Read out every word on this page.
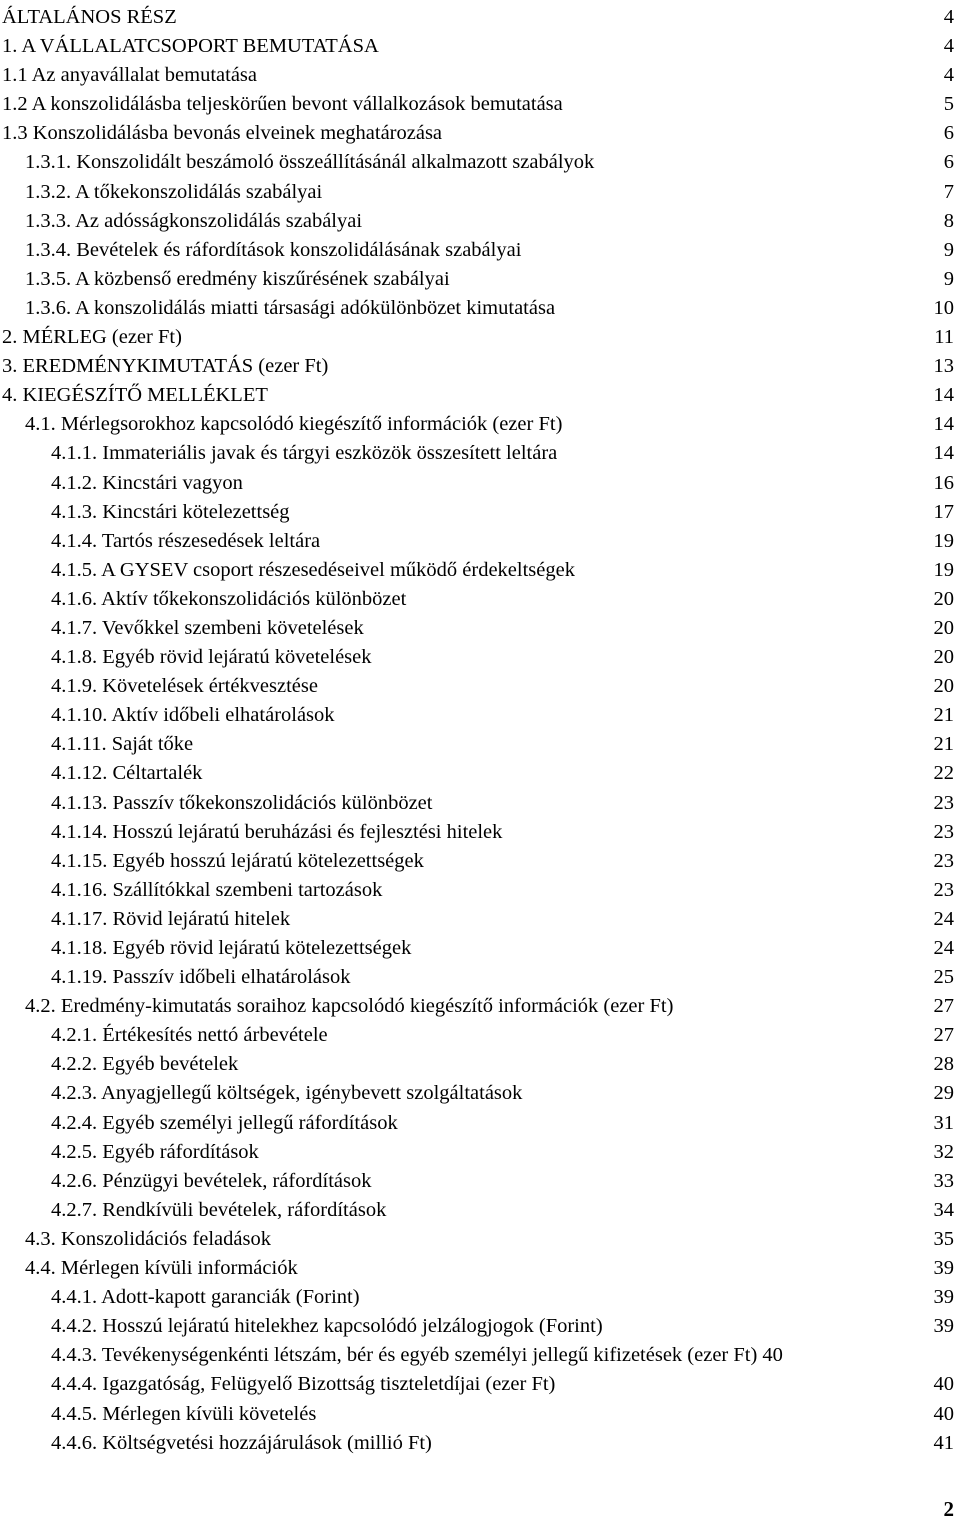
ÁLTALÁNOS RÉSZ . . .	4
1. A VÁLLALATCSOPORT BEMUTATÁSA . . .	4
1.1 Az anyavállalat bemutatása . . .	4
1.2 A konszolidálásba teljeskörűen bevont vállalkozások bemutatása . . .	5
1.3 Konszolidálásba bevonás elveinek meghatározása . . .	6
1.3.1. Konszolidált beszámoló összeállításánál alkalmazott szabályok . . .	6
1.3.2. A tőkekonszolidálás szabályai . . .	7
1.3.3. Az adósságkonszolidálás szabályai . . .	8
1.3.4. Bevételek és ráfordítások konszolidálásának szabályai . . .	9
1.3.5. A közbenső eredmény kiszűrésének szabályai . . .	9
1.3.6. A konszolidálás miatti társasági adókülönbözet kimutatása . . .	10
2. MÉRLEG (ezer Ft) . . .	11
3. EREDMÉNYKIMUTATÁS (ezer Ft) . . .	13
4. KIEGÉSZÍTŐ MELLÉKLET . . .	14
4.1. Mérlegsorokhoz kapcsolódó kiegészítő információk (ezer Ft) . . .	14
4.1.1. Immateriális javak és tárgyi eszközök összesített leltára . . .	14
4.1.2. Kincstári vagyon . . .	16
4.1.3. Kincstári kötelezettség . . .	17
4.1.4. Tartós részesedések leltára . . .	19
4.1.5. A GYSEV csoport részesedéseivel működő érdekeltségek . . .	19
4.1.6. Aktív tőkekonszolidációs különbözet . . .	20
4.1.7. Vevőkkel szembeni követelések . . .	20
4.1.8. Egyéb rövid lejáratú követelések . . .	20
4.1.9. Követelések értékvesztése . . .	20
4.1.10. Aktív időbeli elhatárolások . . .	21
4.1.11. Saját tőke . . .	21
4.1.12. Céltartalék . . .	22
4.1.13. Passzív tőkekonszolidációs különbözet . . .	23
4.1.14. Hosszú lejáratú beruházási és fejlesztési hitelek . . .	23
4.1.15. Egyéb hosszú lejáratú kötelezettségek . . .	23
4.1.16. Szállítókkal szembeni tartozások . . .	23
4.1.17. Rövid lejáratú hitelek . . .	24
4.1.18. Egyéb rövid lejáratú kötelezettségek . . .	24
4.1.19. Passzív időbeli elhatárolások . . .	25
4.2. Eredmény-kimutatás soraihoz kapcsolódó kiegészítő információk (ezer Ft) . . .	27
4.2.1. Értékesítés nettó árbevétele . . .	27
4.2.2. Egyéb bevételek . . .	28
4.2.3. Anyagjellegű költségek, igénybevett szolgáltatások . . .	29
4.2.4. Egyéb személyi jellegű ráfordítások . . .	31
4.2.5. Egyéb ráfordítások . . .	32
4.2.6. Pénzügyi bevételek, ráfordítások . . .	33
4.2.7. Rendkívüli bevételek, ráfordítások . . .	34
4.3. Konszolidációs feladások . . .	35
4.4. Mérlegen kívüli információk . . .	39
4.4.1. Adott-kapott garanciák (Forint) . . .	39
4.4.2. Hosszú lejáratú hitelekhez kapcsolódó jelzálogjogok (Forint) . . .	39
4.4.3. Tevékenységenkénti létszám, bér és egyéb személyi jellegű kifizetések (ezer Ft) 40
4.4.4. Igazgatóság, Felügyelő Bizottság tiszteletdíjai (ezer Ft) . . .	40
4.4.5. Mérlegen kívüli követelés . . .	40
4.4.6. Költségvetési hozzájárulások (millió Ft) . . .	41
2
